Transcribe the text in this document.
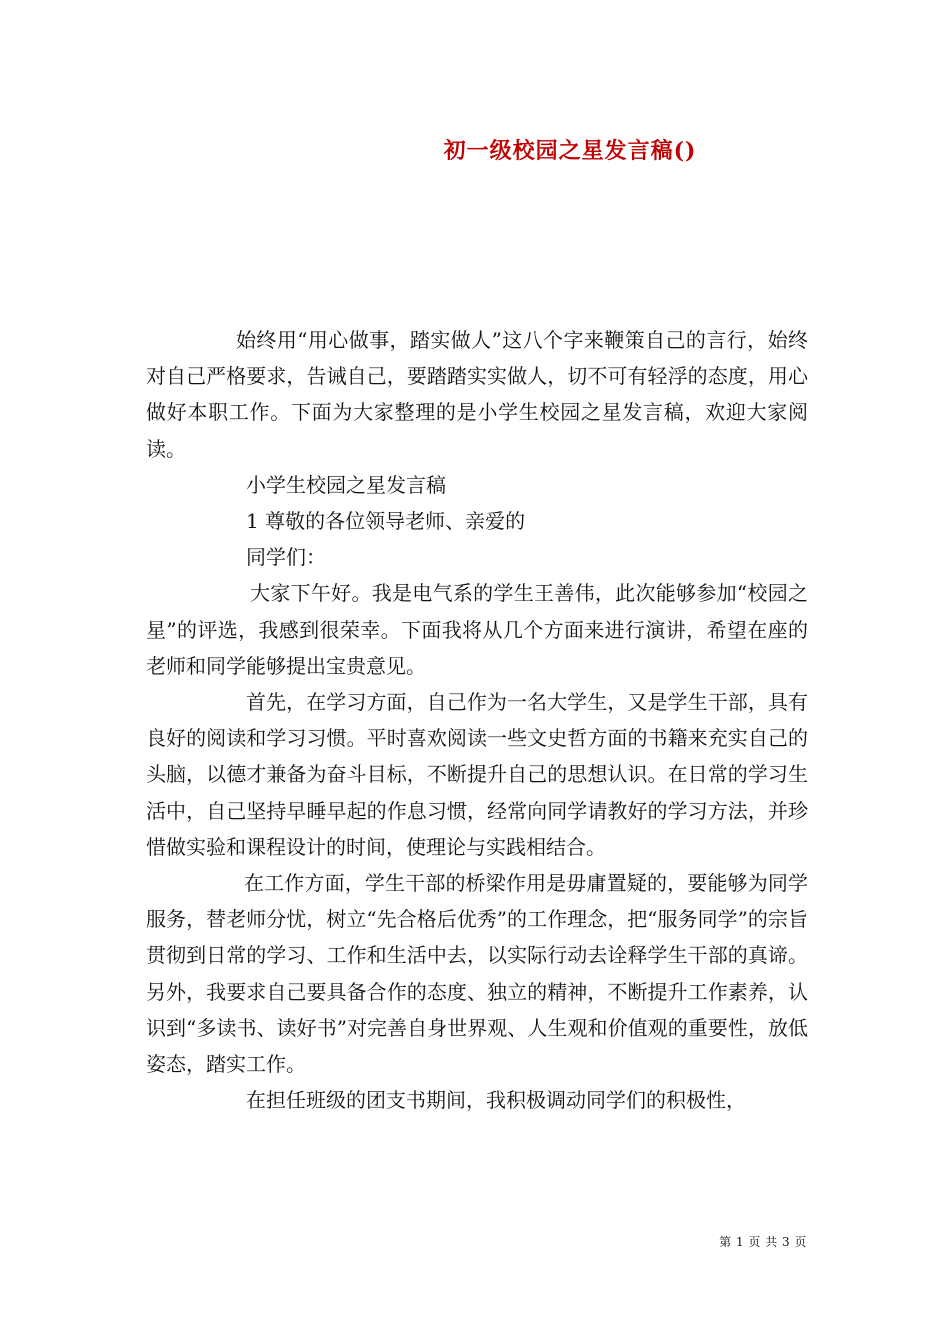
初一级校园之星发言稿()

始终用“用心做事，踏实做人”这八个字来鞭策自己的言行，始终对自己严格要求，告诫自己，要踏踏实实做人，切不可有轻浮的态度，用心做好本职工作。下面为大家整理的是小学生校园之星发言稿，欢迎大家阅读。

小学生校园之星发言稿

1 尊敬的各位领导老师、亲爱的

同学们：

大家下午好。我是电气系的学生王善伟，此次能够参加“校园之星”的评选，我感到很荣幸。下面我将从几个方面来进行演讲，希望在座的老师和同学能够提出宝贵意见。

首先，在学习方面，自己作为一名大学生，又是学生干部，具有良好的阅读和学习习惯。平时喜欢阅读一些文史哲方面的书籍来充实自己的头脑，以德才兼备为奋斗目标，不断提升自己的思想认识。在日常的学习生活中，自己坚持早睡早起的作息习惯，经常向同学请教好的学习方法，并珍惜做实验和课程设计的时间，使理论与实践相结合。

在工作方面，学生干部的桥梁作用是毋庸置疑的，要能够为同学服务，替老师分忧，树立“先合格后优秀”的工作理念，把“服务同学”的宗旨贯彻到日常的学习、工作和生活中去，以实际行动去诠释学生干部的真谛。另外，我要求自己要具备合作的态度、独立的精神，不断提升工作素养，认识到“多读书、读好书”对完善自身世界观、人生观和价值观的重要性，放低姿态，踏实工作。

在担任班级的团支书期间，我积极调动同学们的积极性，

第 1 页 共 3 页
